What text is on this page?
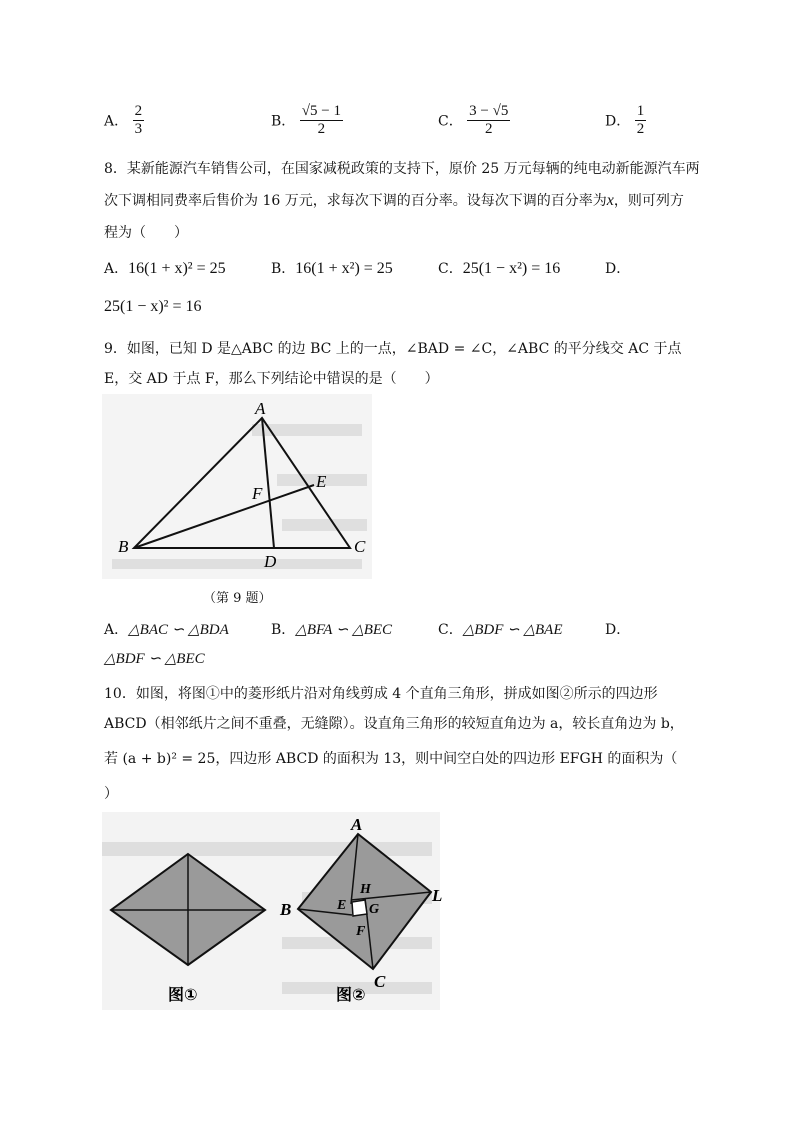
A． $\frac{2}{3}$	B． $\frac{√5 - 1}{2}$	C． $\frac{3 - √5}{2}$	D． $\frac{1}{2}$
8．某新能源汽车销售公司，在国家减税政策的支持下，原价 25 万元每辆的纯电动新能源汽车两
次下调相同费率后售价为 16 万元，求每次下调的百分率。设每次下调的百分率为x，则可列方
程为（　　）
A．16(1 + x)² = 25	B．16(1 + x²) = 25	C．25(1 − x²) = 16	D．
25(1 − x)² = 16
9．如图，已知 D 是△ABC 的边 BC 上的一点，∠BAD = ∠C，∠ABC 的平分线交 AC 于点
E，交 AD 于点 F，那么下列结论中错误的是（　　）
A
B	C
D
E
F
（第 9 题）
A．△BAC ∽ △BDA	B．△BFA ∽ △BEC	C．△BDF ∽ △BAE	D．
△BDF ∽ △BEC
10．如图，将图①中的菱形纸片沿对角线剪成 4 个直角三角形，拼成如图②所示的四边形
ABCD（相邻纸片之间不重叠，无缝隙）。设直角三角形的较短直角边为 a，较长直角边为 b，
若 (a + b)² = 25，四边形 ABCD 的面积为 13，则中间空白处的四边形 EFGH 的面积为（
）
图①
A
B
C
L
E
F
G
H
图②
